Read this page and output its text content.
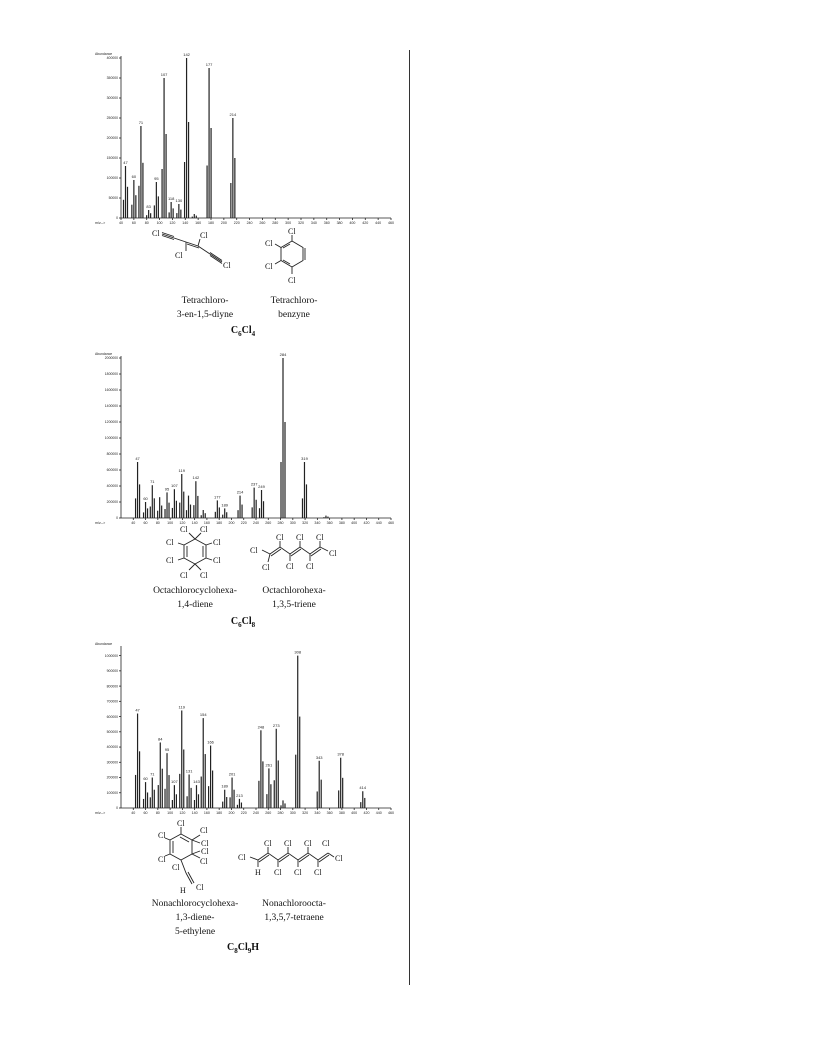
Abundance
0
50000
100000
150000
200000
250000
300000
350000
400000
40 60 80 100 120 140 160 180 200 220 240 260 280 300 320 340 360 380 400 420 440 460
m/z-->
47
60
71
83
95
107
118 130
142
177
214
Cl
Cl
Cl
Cl
Cl
Cl
Cl
Cl
Tetrachloro-
3-en-1,5-diyne
Tetrachloro-
benzyne
$C_6Cl_4$
Abundance
0
200000
400000
600000
800000
1000000
1200000
1400000
1600000
1800000
2000000
40 60 80 100 120 140 160 180 200 220 240 260 280 300 320 340 360 380 400 420 440 460
m/z-->
47
60
71
95
107
119
142
177
189
214
237 249
284
319
Cl Cl
Cl	Cl
Cl	Cl
Cl Cl
Cl
Cl
Cl
Cl
Cl
Cl
Cl
Cl
Octachlorocyclohexa-
1,4-diene
Octachlorohexa-
1,3,5-triene
$C_6Cl_8$
Abundance
0
100000
200000
300000
400000
500000
600000
700000
800000
900000
1000000
40 60 80 100 120 140 160 180 200 220 240 260 280 300 320 340 360 380 400 420 440 460
m/z-->
47
60
71
84
95
107
119
131
143
154
166
189
201
213
248
261
273
308
343
378
414
Cl
Cl
Cl
Cl
Cl
Cl
Cl
Cl
H Cl
Cl
H
Cl
Cl
Cl
Cl
Cl
Cl
Cl
Cl
Nonachlorocyclohexa-
1,3-diene-
5-ethylene
Nonachloroocta-
1,3,5,7-tetraene
$C_8Cl_9H$
